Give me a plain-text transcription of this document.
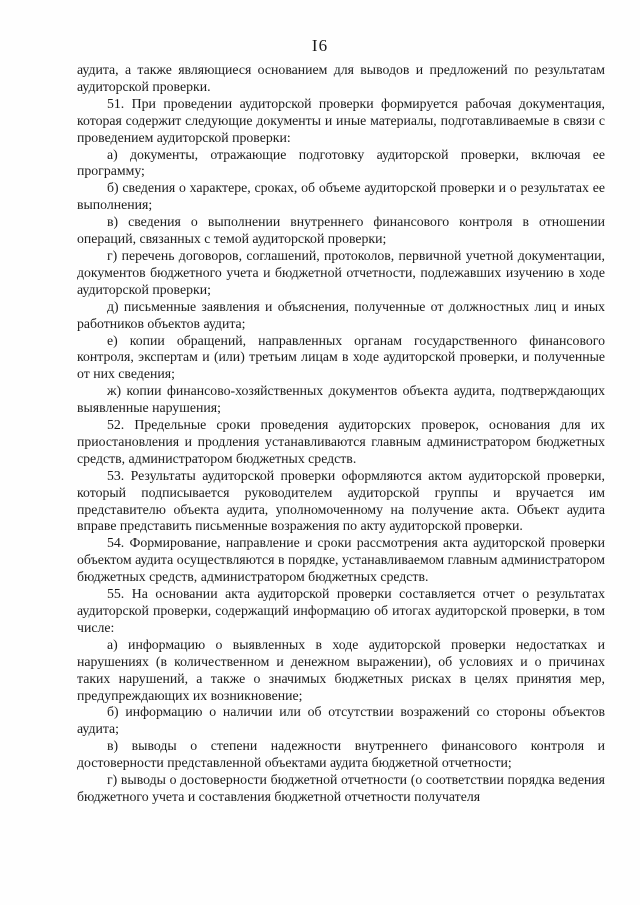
I6

аудита, а также являющиеся основанием для выводов и предложений по результатам аудиторской проверки.

51. При проведении аудиторской проверки формируется рабочая документация, которая содержит следующие документы и иные материалы, подготавливаемые в связи с проведением аудиторской проверки:

а) документы, отражающие подготовку аудиторской проверки, включая ее программу;

б) сведения о характере, сроках, об объеме аудиторской проверки и о результатах ее выполнения;

в) сведения о выполнении внутреннего финансового контроля в отношении операций, связанных с темой аудиторской проверки;

г) перечень договоров, соглашений, протоколов, первичной учетной документации, документов бюджетного учета и бюджетной отчетности, подлежавших изучению в ходе аудиторской проверки;

д) письменные заявления и объяснения, полученные от должностных лиц и иных работников объектов аудита;

е) копии обращений, направленных органам государственного финансового контроля, экспертам и (или) третьим лицам в ходе аудиторской проверки, и полученные от них сведения;

ж) копии финансово-хозяйственных документов объекта аудита, подтверждающих выявленные нарушения;

52. Предельные сроки проведения аудиторских проверок, основания для их приостановления и продления устанавливаются главным администратором бюджетных средств, администратором бюджетных средств.

53. Результаты аудиторской проверки оформляются актом аудиторской проверки, который подписывается руководителем аудиторской группы и вручается им представителю объекта аудита, уполномоченному на получение акта. Объект аудита вправе представить письменные возражения по акту аудиторской проверки.

54. Формирование, направление и сроки рассмотрения акта аудиторской проверки объектом аудита осуществляются в порядке, устанавливаемом главным администратором бюджетных средств, администратором бюджетных средств.

55. На основании акта аудиторской проверки составляется отчет о результатах аудиторской проверки, содержащий информацию об итогах аудиторской проверки, в том числе:

а) информацию о выявленных в ходе аудиторской проверки недостатках и нарушениях (в количественном и денежном выражении), об условиях и о причинах таких нарушений, а также о значимых бюджетных рисках в целях принятия мер, предупреждающих их возникновение;

б) информацию о наличии или об отсутствии возражений со стороны объектов аудита;

в) выводы о степени надежности внутреннего финансового контроля и достоверности представленной объектами аудита бюджетной отчетности;

г) выводы о достоверности бюджетной отчетности (о соответствии порядка ведения бюджетного учета и составления бюджетной отчетности получателя
